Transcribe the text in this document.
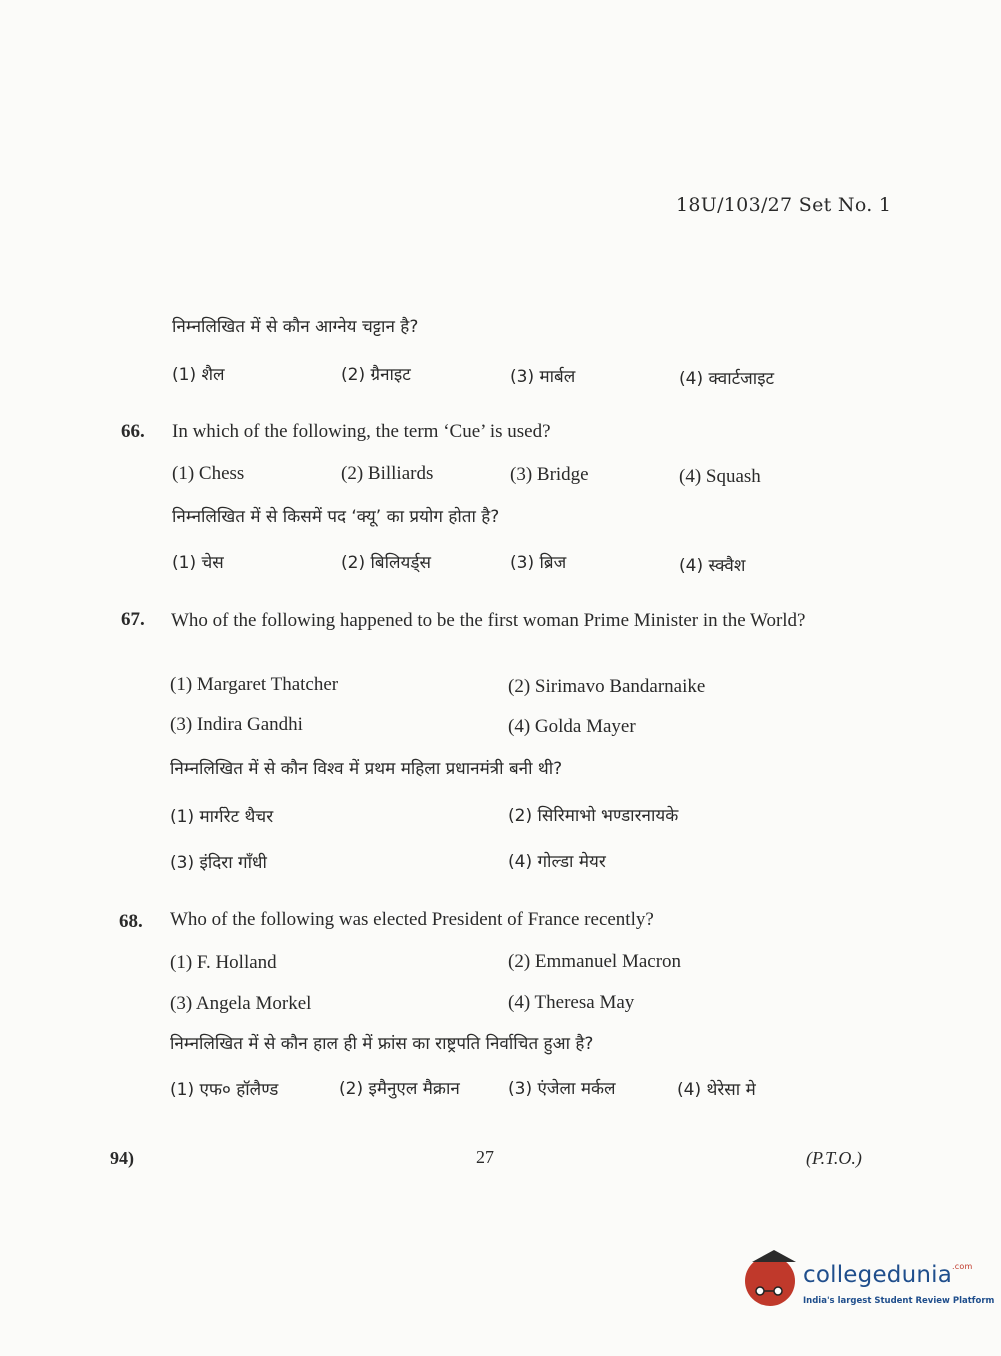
18U/103/27 Set No. 1
निम्नलिखित में से कौन आग्नेय चट्टान है?
(1) शैल	(2) ग्रैनाइट	(3) मार्बल	(4) क्वार्टजाइट
66. In which of the following, the term ‘Cue’ is used?
(1) Chess	(2) Billiards	(3) Bridge	(4) Squash
निम्नलिखित में से किसमें पद ‘क्यू’ का प्रयोग होता है?
(1) चेस	(2) बिलियर्ड्स	(3) ब्रिज	(4) स्क्वैश
67. Who of the following happened to be the first woman Prime Minister in the World?
(1) Margaret Thatcher	(2) Sirimavo Bandarnaike
(3) Indira Gandhi	(4) Golda Mayer
निम्नलिखित में से कौन विश्व में प्रथम महिला प्रधानमंत्री बनी थी?
(1) मार्गरेट थैचर	(2) सिरिमाभो भण्डारनायके
(3) इंदिरा गाँधी	(4) गोल्डा मेयर
68. Who of the following was elected President of France recently?
(1) F. Holland	(2) Emmanuel Macron
(3) Angela Morkel	(4) Theresa May
निम्नलिखित में से कौन हाल ही में फ्रांस का राष्ट्रपति निर्वाचित हुआ है?
(1) एफ० हॉलैण्ड	(2) इमैनुएल मैक्रान	(3) एंजेला मर्कल	(4) थेरेसा मे
94)	27	(P.T.O.)
collegedunia$^{.com}$
India's largest Student Review Platform
